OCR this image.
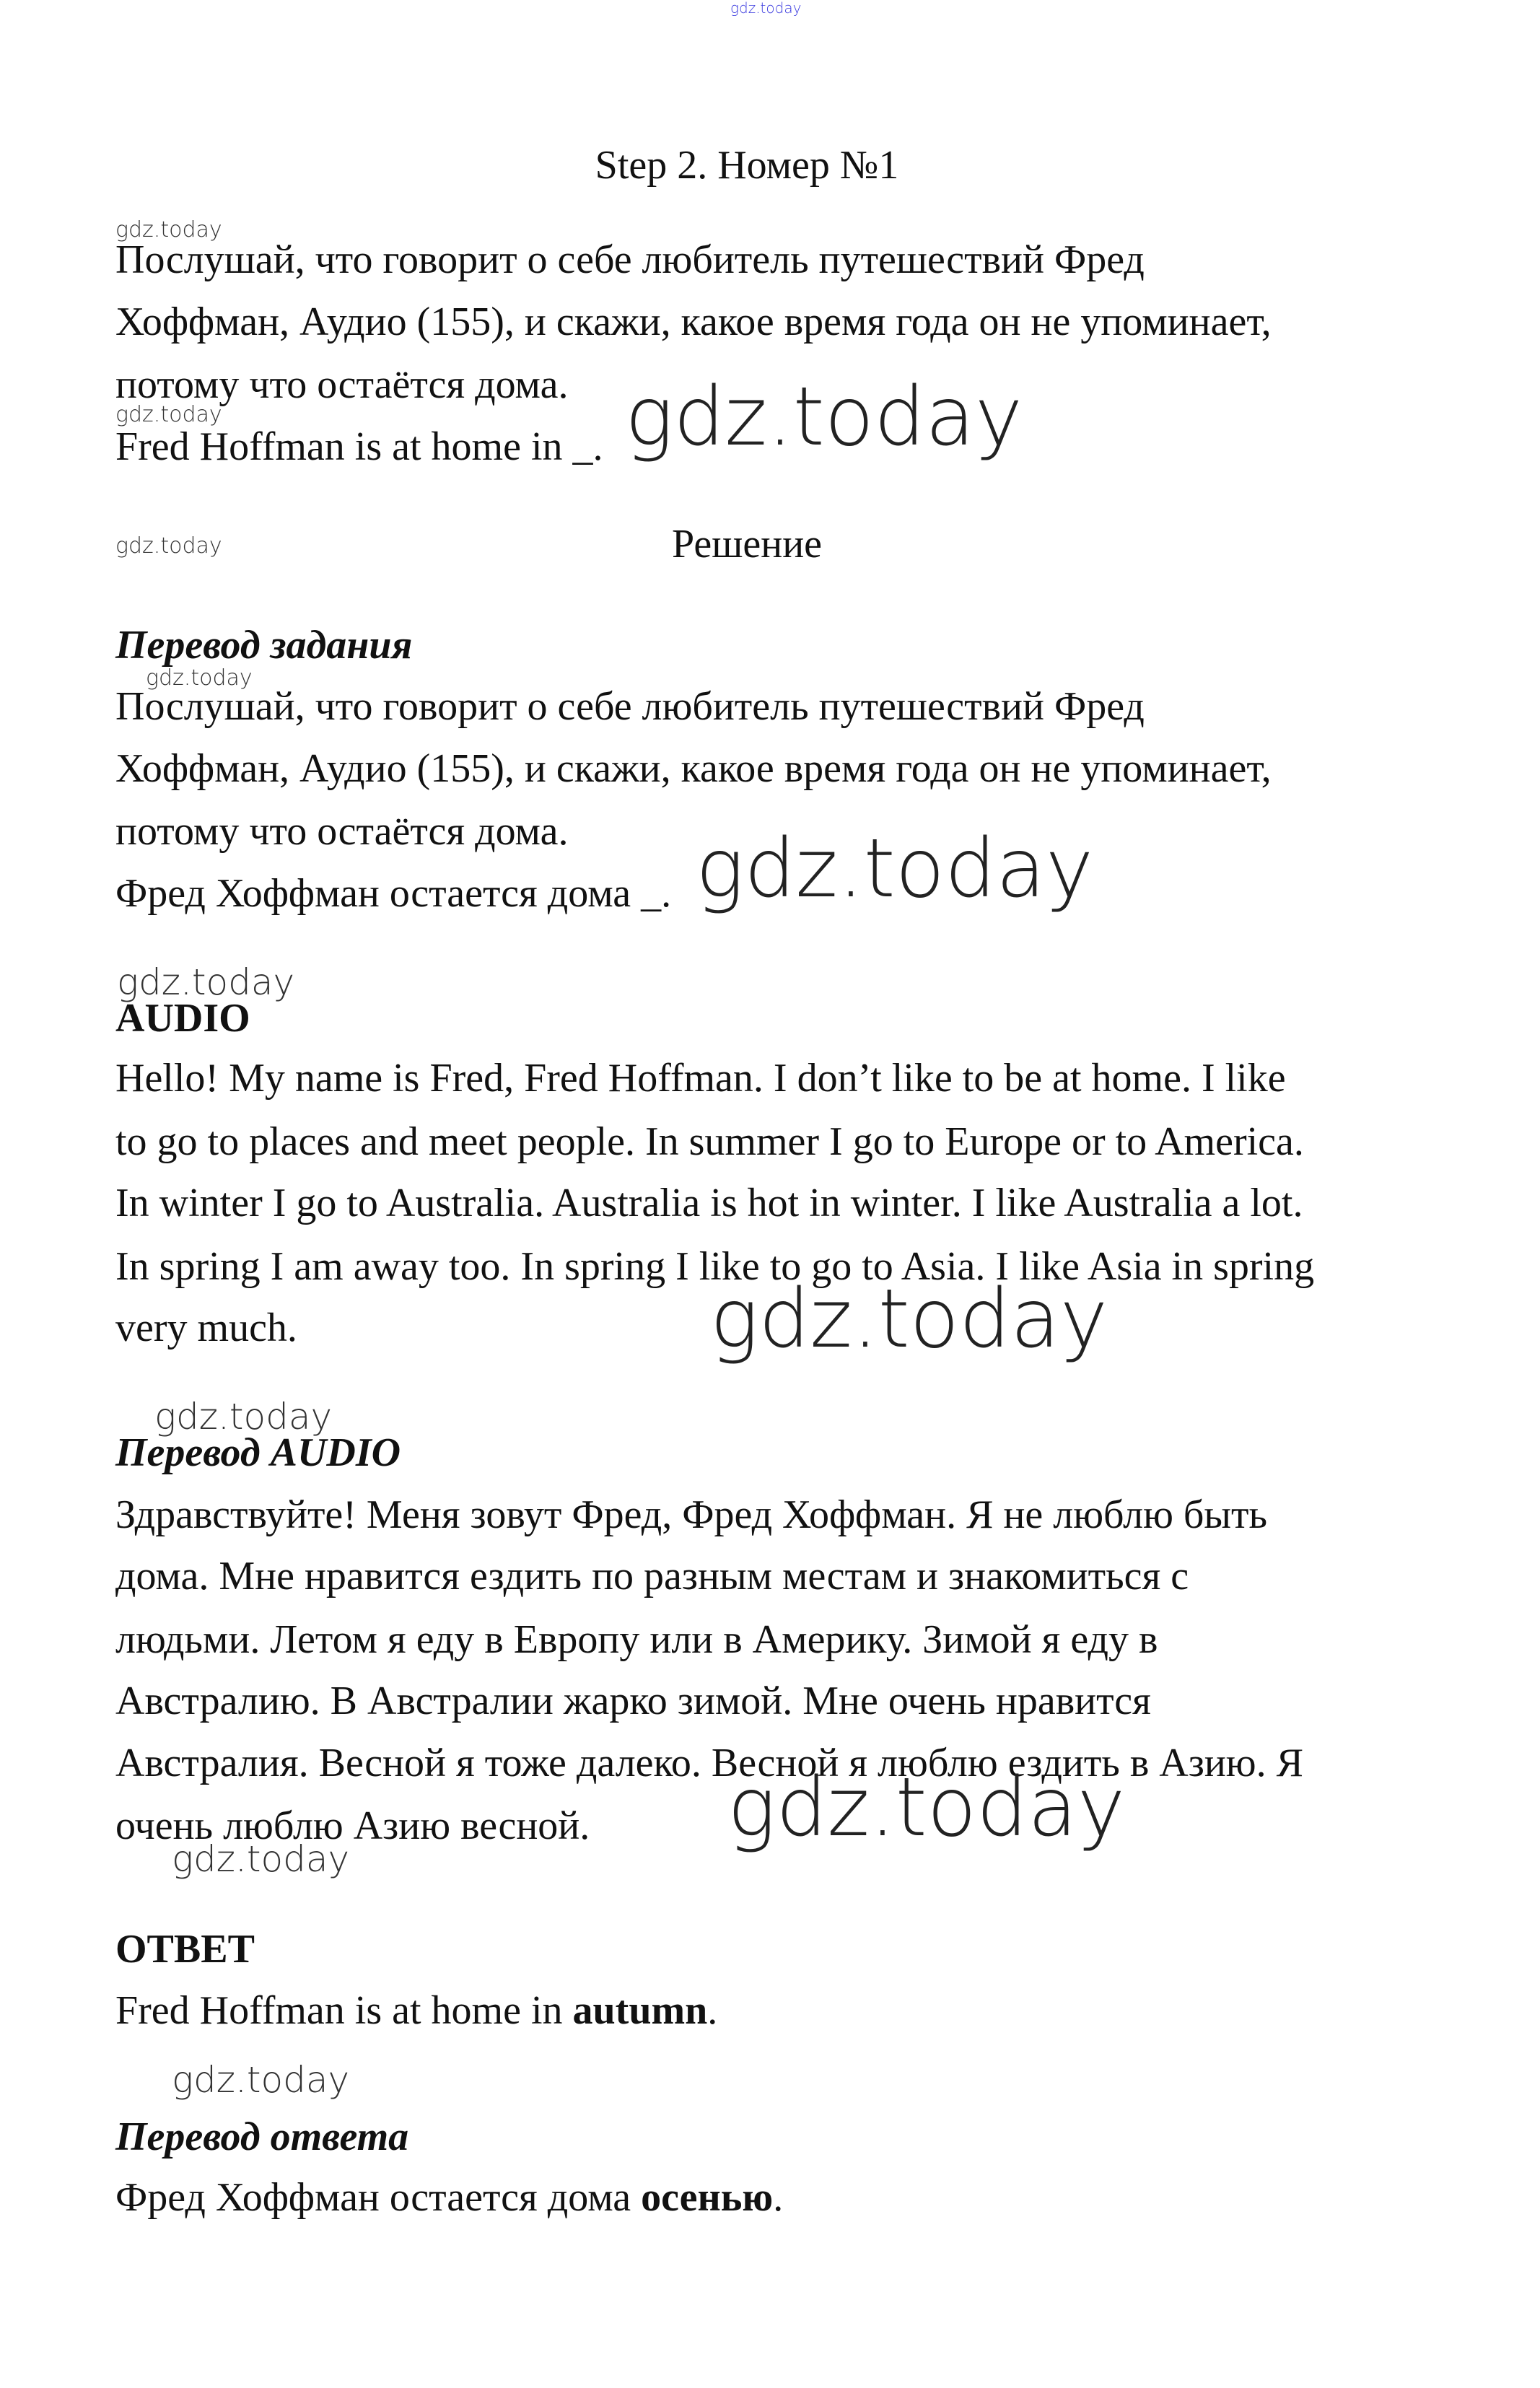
gdz.today
Step 2. Номер №1
gdz.today
Послушай, что говорит о себе любитель путешествий Фред
Хоффман, Аудио (155), и скажи, какое время года он не упоминает,
потому что остаётся дома.
gdz.today
Fred Hoffman is at home in _. gdz.today
gdz.today	Решение
Перевод задания
gdz.today
Послушай, что говорит о себе любитель путешествий Фред
Хоффман, Аудио (155), и скажи, какое время года он не упоминает,
потому что остаётся дома.
Фред Хоффман остается дома _. gdz.today
gdz.today
AUDIO
Hello! My name is Fred, Fred Hoffman. I don’t like to be at home. I like
to go to places and meet people. In summer I go to Europe or to America.
In winter I go to Australia. Australia is hot in winter. I like Australia a lot.
In spring I am away too. In spring I like to go to Asia. I like Asia in spring
very much.	gdz.today
gdz.today
Перевод AUDIO
Здравствуйте! Меня зовут Фред, Фред Хоффман. Я не люблю быть
дома. Мне нравится ездить по разным местам и знакомиться с
людьми. Летом я еду в Европу или в Америку. Зимой я еду в
Австралию. В Австралии жарко зимой. Мне очень нравится
Австралия. Весной я тоже далеко. Весной я люблю ездить в Азию. Я
очень люблю Азию весной. gdz.today
gdz.today
ОТВЕТ
Fred Hoffman is at home in autumn.
gdz.today
Перевод ответа
Фред Хоффман остается дома осенью.
